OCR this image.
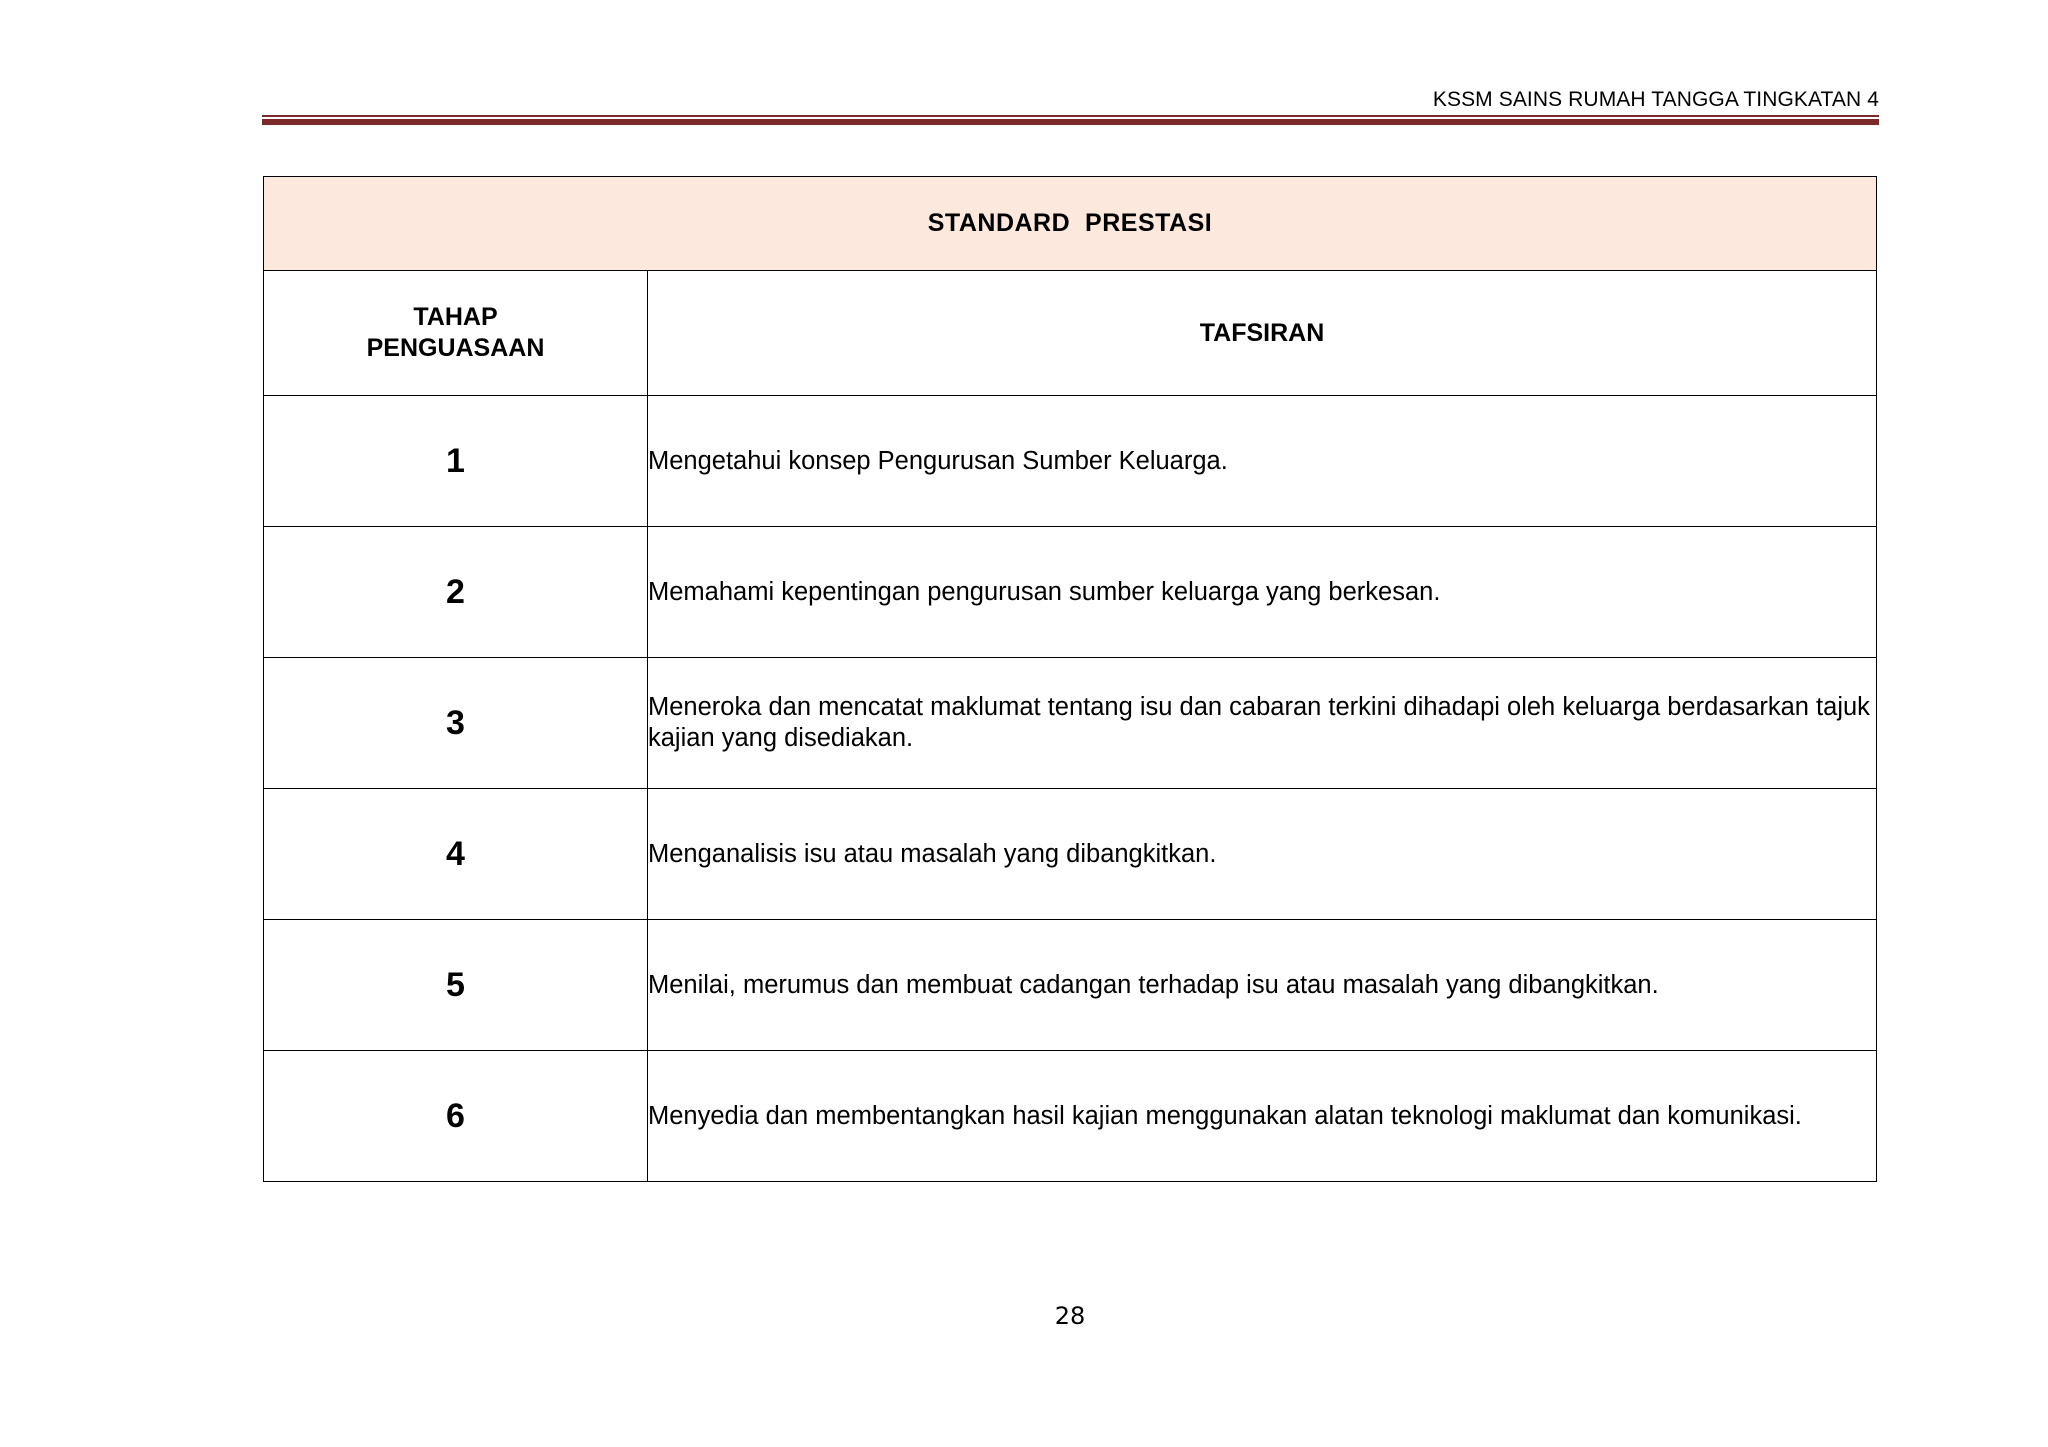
KSSM SAINS RUMAH TANGGA TINGKATAN 4
STANDARD  PRESTASI	
TAHAP
PENGUASAAN	TAFSIRAN
1	Mengetahui konsep Pengurusan Sumber Keluarga.
2	Memahami kepentingan pengurusan sumber keluarga yang berkesan.
3	Meneroka dan mencatat maklumat tentang isu dan cabaran terkini dihadapi oleh keluarga berdasarkan tajuk kajian yang disediakan.
4	Menganalisis isu atau masalah yang dibangkitkan.
5	Menilai, merumus dan membuat cadangan terhadap isu atau masalah yang dibangkitkan.
6	Menyedia dan membentangkan hasil kajian menggunakan alatan teknologi maklumat dan komunikasi.
28
